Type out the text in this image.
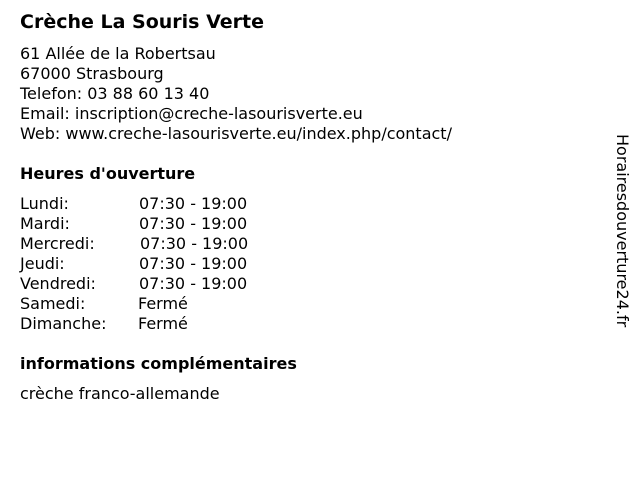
Crèche La Souris Verte
61 Allée de la Robertsau
67000 Strasbourg
Telefon: 03 88 60 13 40
Email: inscription@creche-lasourisverte.eu
Web: www.creche-lasourisverte.eu/index.php/contact/
Heures d'ouverture
Lundi:	07:30 - 19:00
Mardi:	07:30 - 19:00
Mercredi:	07:30 - 19:00
Jeudi:	07:30 - 19:00
Vendredi:	07:30 - 19:00
Samedi:	Fermé
Dimanche: Fermé
informations complémentaires
crèche franco-allemande
Horairesdouverture24.fr
